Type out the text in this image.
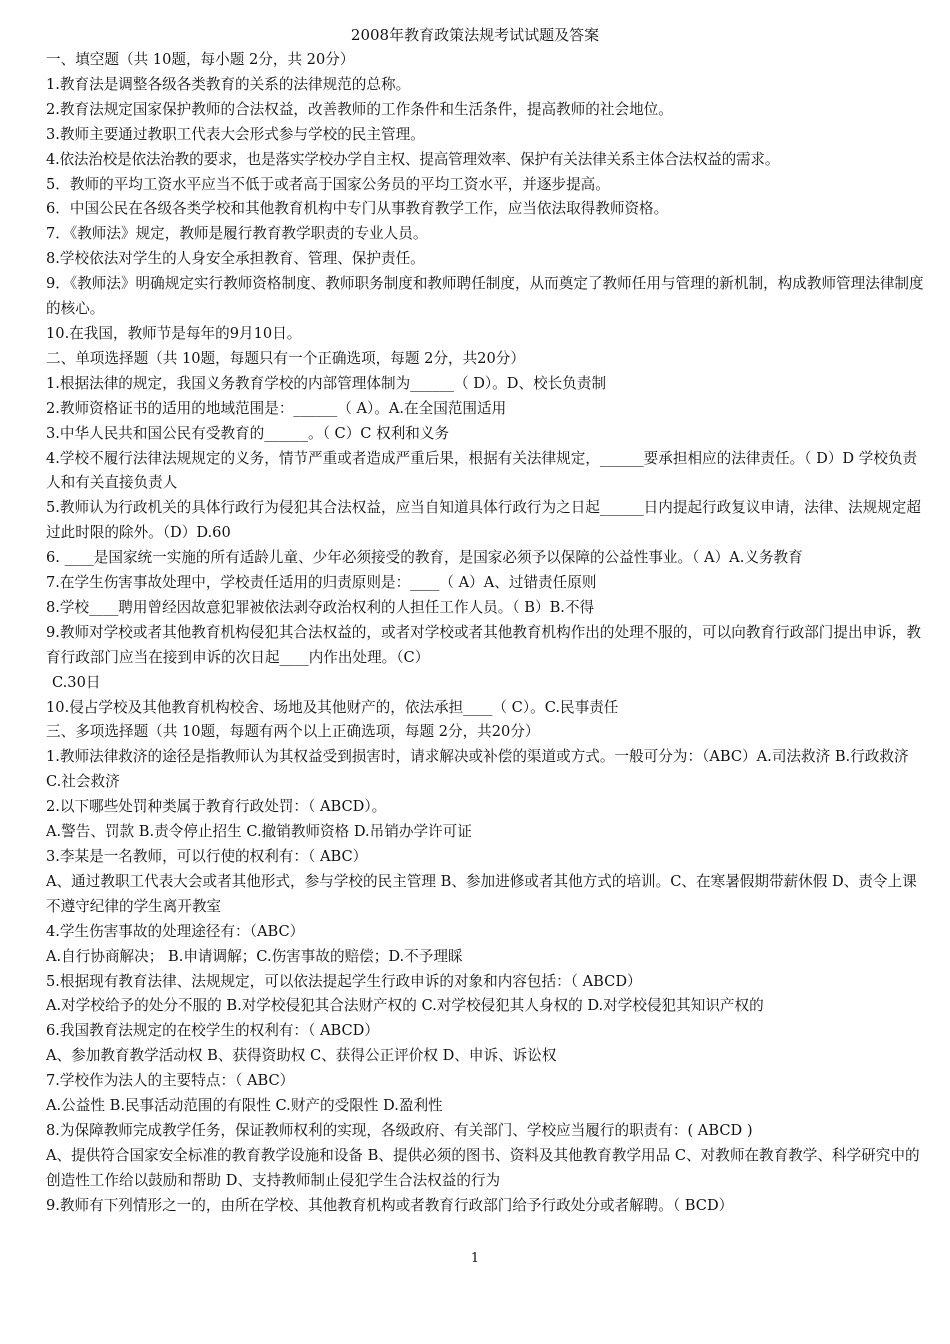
2008年教育政策法规考试试题及答案

一、填空题（共 10题，每小题 2分，共 20分）

1.教育法是调整各级各类教育的关系的法律规范的总称。

2.教育法规定国家保护教师的合法权益，改善教师的工作条件和生活条件，提高教师的社会地位。

3.教师主要通过教职工代表大会形式参与学校的民主管理。

4.依法治校是依法治教的要求，也是落实学校办学自主权、提高管理效率、保护有关法律关系主体合法权益的需求。

5．教师的平均工资水平应当不低于或者高于国家公务员的平均工资水平，并逐步提高。

6．中国公民在各级各类学校和其他教育机构中专门从事教育教学工作，应当依法取得教师资格。

7．《教师法》规定，教师是履行教育教学职责的专业人员。

8.学校依法对学生的人身安全承担教育、管理、保护责任。

9．《教师法》明确规定实行教师资格制度、教师职务制度和教师聘任制度，从而奠定了教师任用与管理的新机制，构成教师管理法律制度的核心。

10.在我国，教师节是每年的9月10日。

二、单项选择题（共 10题，每题只有一个正确选项，每题 2分，共20分）

1.根据法律的规定，我国义务教育学校的内部管理体制为______（ D）。D、校长负责制

2.教师资格证书的适用的地域范围是：______（ A）。A.在全国范围适用

3.中华人民共和国公民有受教育的______。（ C）C 权利和义务

4.学校不履行法律法规规定的义务，情节严重或者造成严重后果，根据有关法律规定，______要承担相应的法律责任。（ D）D 学校负责人和有关直接负责人

5.教师认为行政机关的具体行政行为侵犯其合法权益，应当自知道具体行政行为之日起______日内提起行政复议申请，法律、法规规定超过此时限的除外。（D）D.60

6. ____是国家统一实施的所有适龄儿童、少年必须接受的教育，是国家必须予以保障的公益性事业。（ A）A.义务教育

7.在学生伤害事故处理中，学校责任适用的归责原则是：____（ A）A、过错责任原则

8.学校____聘用曾经因故意犯罪被依法剥夺政治权利的人担任工作人员。（ B）B.不得

9.教师对学校或者其他教育机构侵犯其合法权益的，或者对学校或者其他教育机构作出的处理不服的，可以向教育行政部门提出申诉，教育行政部门应当在接到申诉的次日起____内作出处理。（C）

C.30日

10.侵占学校及其他教育机构校舍、场地及其他财产的，依法承担____（ C）。C.民事责任

三、多项选择题（共 10题，每题有两个以上正确选项，每题 2分，共20分）

1.教师法律救济的途径是指教师认为其权益受到损害时，请求解决或补偿的渠道或方式。一般可分为：（ABC）A.司法救济 B.行政救济 C.社会救济

2.以下哪些处罚种类属于教育行政处罚：（ ABCD）。

A.警告、罚款 B.责令停止招生 C.撤销教师资格 D.吊销办学许可证

3.李某是一名教师，可以行使的权利有：（ ABC）

A、通过教职工代表大会或者其他形式，参与学校的民主管理 B、参加进修或者其他方式的培训。C、在寒暑假期带薪休假 D、责令上课不遵守纪律的学生离开教室

4.学生伤害事故的处理途径有：（ABC）

A.自行协商解决； B.申请调解；C.伤害事故的赔偿；D.不予理睬

5.根据现有教育法律、法规规定，可以依法提起学生行政申诉的对象和内容包括：（ ABCD）

A.对学校给予的处分不服的 B.对学校侵犯其合法财产权的 C.对学校侵犯其人身权的 D.对学校侵犯其知识产权的

6.我国教育法规定的在校学生的权利有：（ ABCD）

A、参加教育教学活动权 B、获得资助权 C、获得公正评价权 D、申诉、诉讼权

7.学校作为法人的主要特点：（ ABC）

A.公益性 B.民事活动范围的有限性 C.财产的受限性 D.盈利性

8.为保障教师完成教学任务，保证教师权利的实现，各级政府、有关部门、学校应当履行的职责有：( ABCD )

A、提供符合国家安全标准的教育教学设施和设备 B、提供必须的图书、资料及其他教育教学用品 C、对教师在教育教学、科学研究中的创造性工作给以鼓励和帮助 D、支持教师制止侵犯学生合法权益的行为

9.教师有下列情形之一的，由所在学校、其他教育机构或者教育行政部门给予行政处分或者解聘。（ BCD）

1
